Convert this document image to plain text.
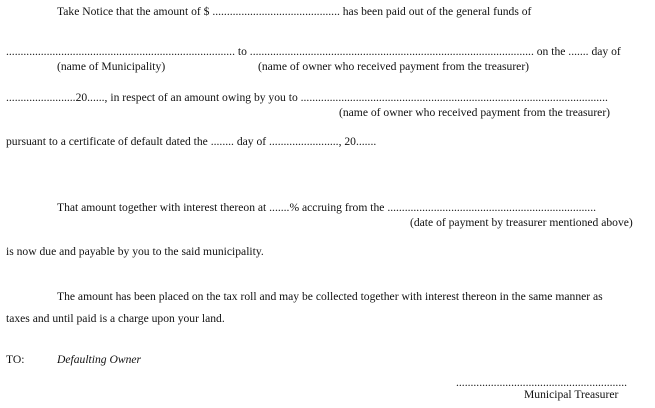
Take Notice that the amount of $ ............................................ has been paid out of the general funds of
............................................................................... to .................................................................................................. on the ....... day of
(name of Municipality)	(name of owner who received payment from the treasurer)
........................20......, in respect of an amount owing by you to ..........................................................................................................
(name of owner who received payment from the treasurer)
pursuant to a certificate of default dated the ........ day of ........................, 20.......
That amount together with interest thereon at .......% accruing from the ........................................................................
(date of payment by treasurer mentioned above)
is now due and payable by you to the said municipality.
The amount has been placed on the tax roll and may be collected together with interest thereon in the same manner as
taxes and until paid is a charge upon your land.
TO:	Defaulting Owner
...........................................................
Municipal Treasurer
